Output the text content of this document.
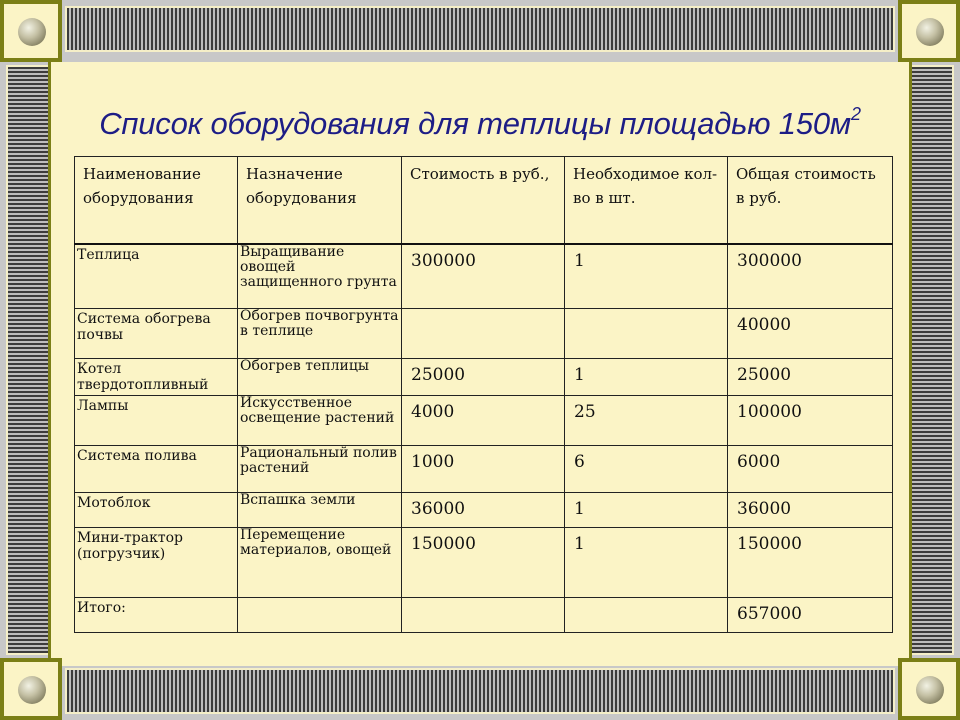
Список оборудования для теплицы площадью $150м^2$
Наименование оборудования	Назначение оборудования	Стоимость в руб.,	Необходимое кол-во в шт.	Общая стоимость в руб.
Теплица	Выращивание овощей защищенного грунта	300000	1	300000
Система обогрева почвы	Обогрев почвогрунта в теплице			40000
Котел твердотопливный	Обогрев теплицы	25000	1	25000
Лампы	Искусственное освещение растений	4000	25	100000
Система полива	Рациональный полив растений	1000	6	6000
Мотоблок	Вспашка земли	36000	1	36000
Мини-трактор (погрузчик)	Перемещение материалов, овощей	150000	1	150000
Итого:				657000
